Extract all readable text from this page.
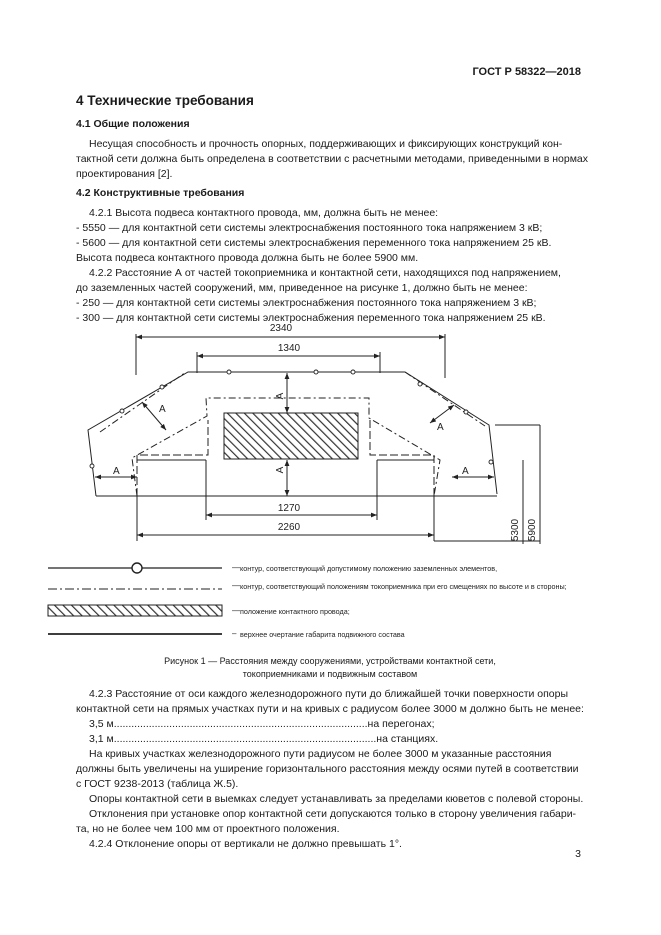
ГОСТ Р 58322—2018
4 Технические требования
4.1 Общие положения
Несущая способность и прочность опорных, поддерживающих и фиксирующих конструкций кон-
тактной сети должна быть определена в соответствии с расчетными методами, приведенными в нормах
проектирования [2].
4.2 Конструктивные требования
4.2.1 Высота подвеса контактного провода, мм, должна быть не менее:
- 5550 — для контактной сети системы электроснабжения постоянного тока напряжением 3 кВ;
- 5600 — для контактной сети системы электроснабжения переменного тока напряжением 25 кВ.
Высота подвеса контактного провода должна быть не более 5900 мм.
4.2.2 Расстояние А от частей токоприемника и контактной сети, находящихся под напряжением,
до заземленных частей сооружений, мм, приведенное на рисунке 1, должно быть не менее:
- 250 — для контактной сети системы электроснабжения постоянного тока напряжением 3 кВ;
- 300 — для контактной сети системы электроснабжения переменного тока напряжением 25 кВ.
2340
1340
1270
2260	5300 5900
А
А
А
А
А	А
— контур, соответствующий допустимому положению заземленных элементов,
— контур, соответствующий положениям токоприемника при его смещениях по высоте и в стороны;
— положение контактного провода;
– верхнее очертание габарита подвижного состава
Рисунок 1 — Расстояния между сооружениями, устройствами контактной сети,
токоприемниками и подвижным составом
4.2.3 Расстояние от оси каждого железнодорожного пути до ближайшей точки поверхности опоры
контактной сети на прямых участках пути и на кривых с радиусом более 3000 м должно быть не менее:
3,5 м.......................................................................................на перегонах;
3,1 м..........................................................................................на станциях.
На кривых участках железнодорожного пути радиусом не более 3000 м указанные расстояния
должны быть увеличены на уширение горизонтального расстояния между осями путей в соответствии
с ГОСТ 9238-2013 (таблица Ж.5).
Опоры контактной сети в выемках следует устанавливать за пределами кюветов с полевой стороны.
Отклонения при установке опор контактной сети допускаются только в сторону увеличения габари-
та, но не более чем 100 мм от проектного положения.
4.2.4 Отклонение опоры от вертикали не должно превышать 1°.
3
